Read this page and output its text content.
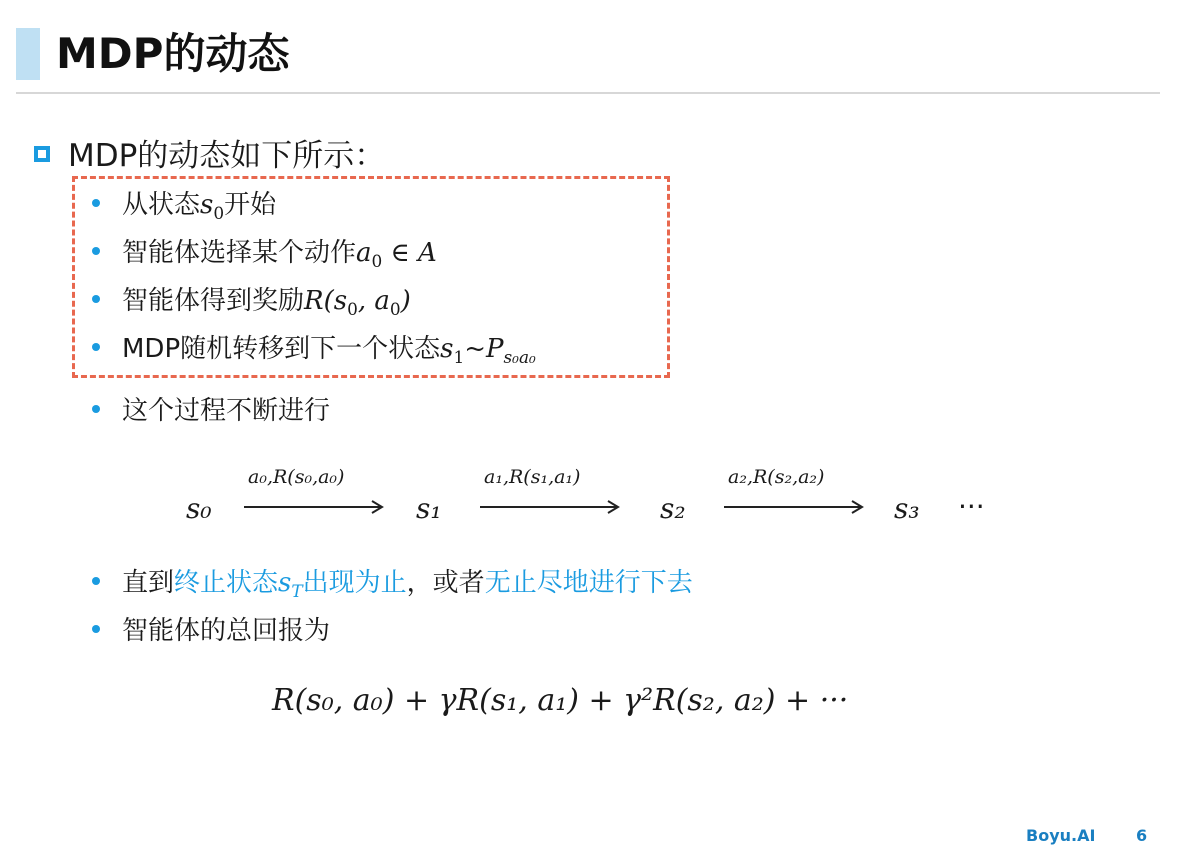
MDP的动态
MDP的动态如下所示：
从状态$s_0$开始
智能体选择某个动作$a_0$ ∈ A
智能体得到奖励$R(s_0$, $a_0$)
MDP随机转移到下一个状态$s_1\sim P_{s_0a_0}$
这个过程不断进行
s₀
a₀,R(s₀,a₀)
s₁
a₁,R(s₁,a₁)
s₂
a₂,R(s₂,a₂)
s₃ ···
直到终止状态$s_T$出现为止，或者无止尽地进行下去
智能体的总回报为
R(s₀, a₀) + γR(s₁, a₁) + γ²R(s₂, a₂) + ···
Boyu.AI	6
